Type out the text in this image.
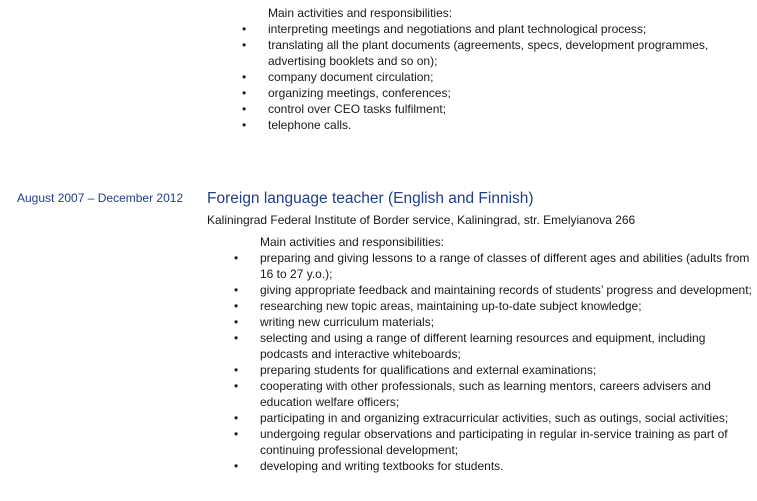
Main activities and responsibilities:
• interpreting meetings and negotiations and plant technological process;
• translating all the plant documents (agreements, specs, development programmes, advertising booklets and so on);
• company document circulation;
• organizing meetings, conferences;
• control over CEO tasks fulfilment;
• telephone calls.
August 2007 – December 2012 Foreign language teacher (English and Finnish)
Kaliningrad Federal Institute of Border service, Kaliningrad, str. Emelyianova 266
Main activities and responsibilities:
• preparing and giving lessons to a range of classes of different ages and abilities (adults from 16 to 27 y.o.);
• giving appropriate feedback and maintaining records of students’ progress and development;
• researching new topic areas, maintaining up-to-date subject knowledge;
• writing new curriculum materials;
• selecting and using a range of different learning resources and equipment, including podcasts and interactive whiteboards;
• preparing students for qualifications and external examinations;
• cooperating with other professionals, such as learning mentors, careers advisers and education welfare officers;
• participating in and organizing extracurricular activities, such as outings, social activities;
• undergoing regular observations and participating in regular in-service training as part of continuing professional development;
• developing and writing textbooks for students.
